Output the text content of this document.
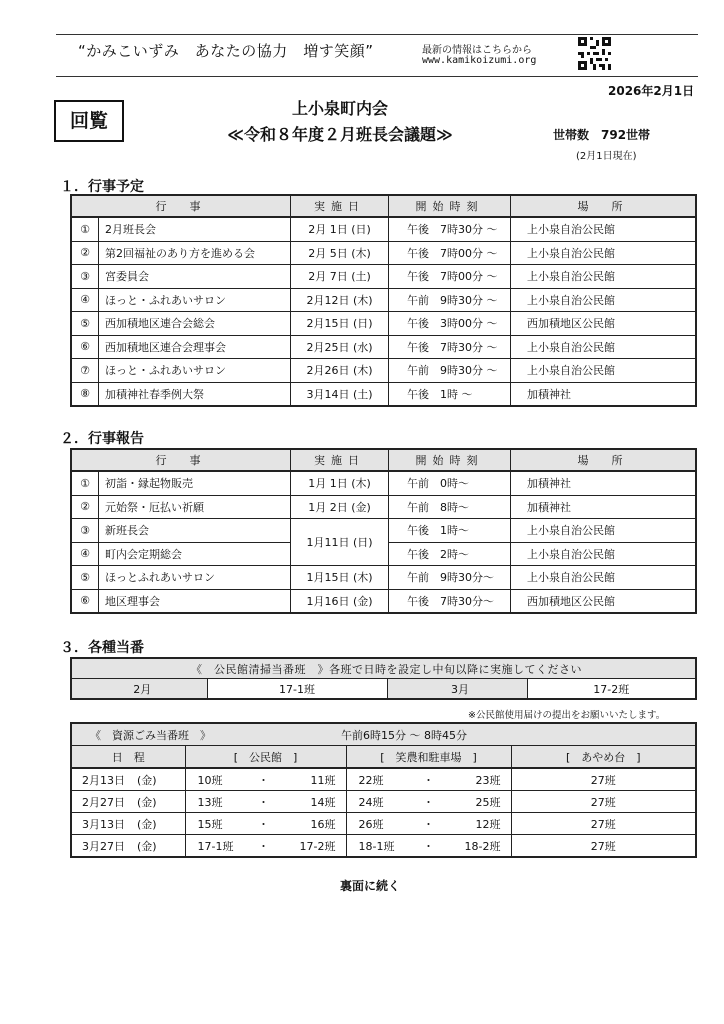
“かみこいずみ　あなたの協力　増す笑顔”	最新の情報はこちらから
www.kamikoizumi.org
2026年2月1日
回覧
上小泉町内会
≪令和８年度２月班長会議題≫	世帯数　792世帯
(2月1日現在)
１．行事予定
行　事		実施日	開始時刻	場　所
①	2月班長会	2月 1日 (日)	午後　7時30分 ～	上小泉自治公民館
②	第2回福祉のあり方を進める会	2月 5日 (木)	午後　7時00分 ～	上小泉自治公民館
③	宮委員会	2月 7日 (土)	午後　7時00分 ～	上小泉自治公民館
④	ほっと・ふれあいサロン	2月12日 (木)	午前　9時30分 ～	上小泉自治公民館
⑤	西加積地区連合会総会	2月15日 (日)	午後　3時00分 ～	西加積地区公民館
⑥	西加積地区連合会理事会	2月25日 (水)	午後　7時30分 ～	上小泉自治公民館
⑦	ほっと・ふれあいサロン	2月26日 (木)	午前　9時30分 ～	上小泉自治公民館
⑧	加積神社春季例大祭	3月14日 (土)	午後　1時 ～	加積神社
２．行事報告
行　事		実施日	開始時刻	場　所
①	初詣・縁起物販売	1月 1日 (木)	午前　0時～	加積神社
②	元始祭・厄払い祈願	1月 2日 (金)	午前　8時～	加積神社
③	新班長会	1月11日 (日)	午後　1時～	上小泉自治公民館
④	町内会定期総会		午後　2時～	上小泉自治公民館
⑤	ほっとふれあいサロン	1月15日 (木)	午前　9時30分～	上小泉自治公民館
⑥	地区理事会	1月16日 (金)	午後　7時30分～	西加積地区公民館
３．各種当番
《　公民館清掃当番班　》各班で日時を設定し中旬以降に実施してください
2月	17-1班	3月	17-2班
※公民館使用届けの提出をお願いいたします。
《　資源ごみ当番班　》			午前6時15分 ～ 8時45分				
日　程	[　公民館　]			[　笑農和駐車場　]			[　あやめ台　]
2月13日 (金)	10班	・	11班	22班	・	23班	27班
2月27日 (金)	13班	・	14班	24班	・	25班	27班
3月13日 (金)	15班	・	16班	26班	・	12班	27班
3月27日 (金)	17-1班	・	17-2班	18-1班	・	18-2班	27班
裏面に続く
